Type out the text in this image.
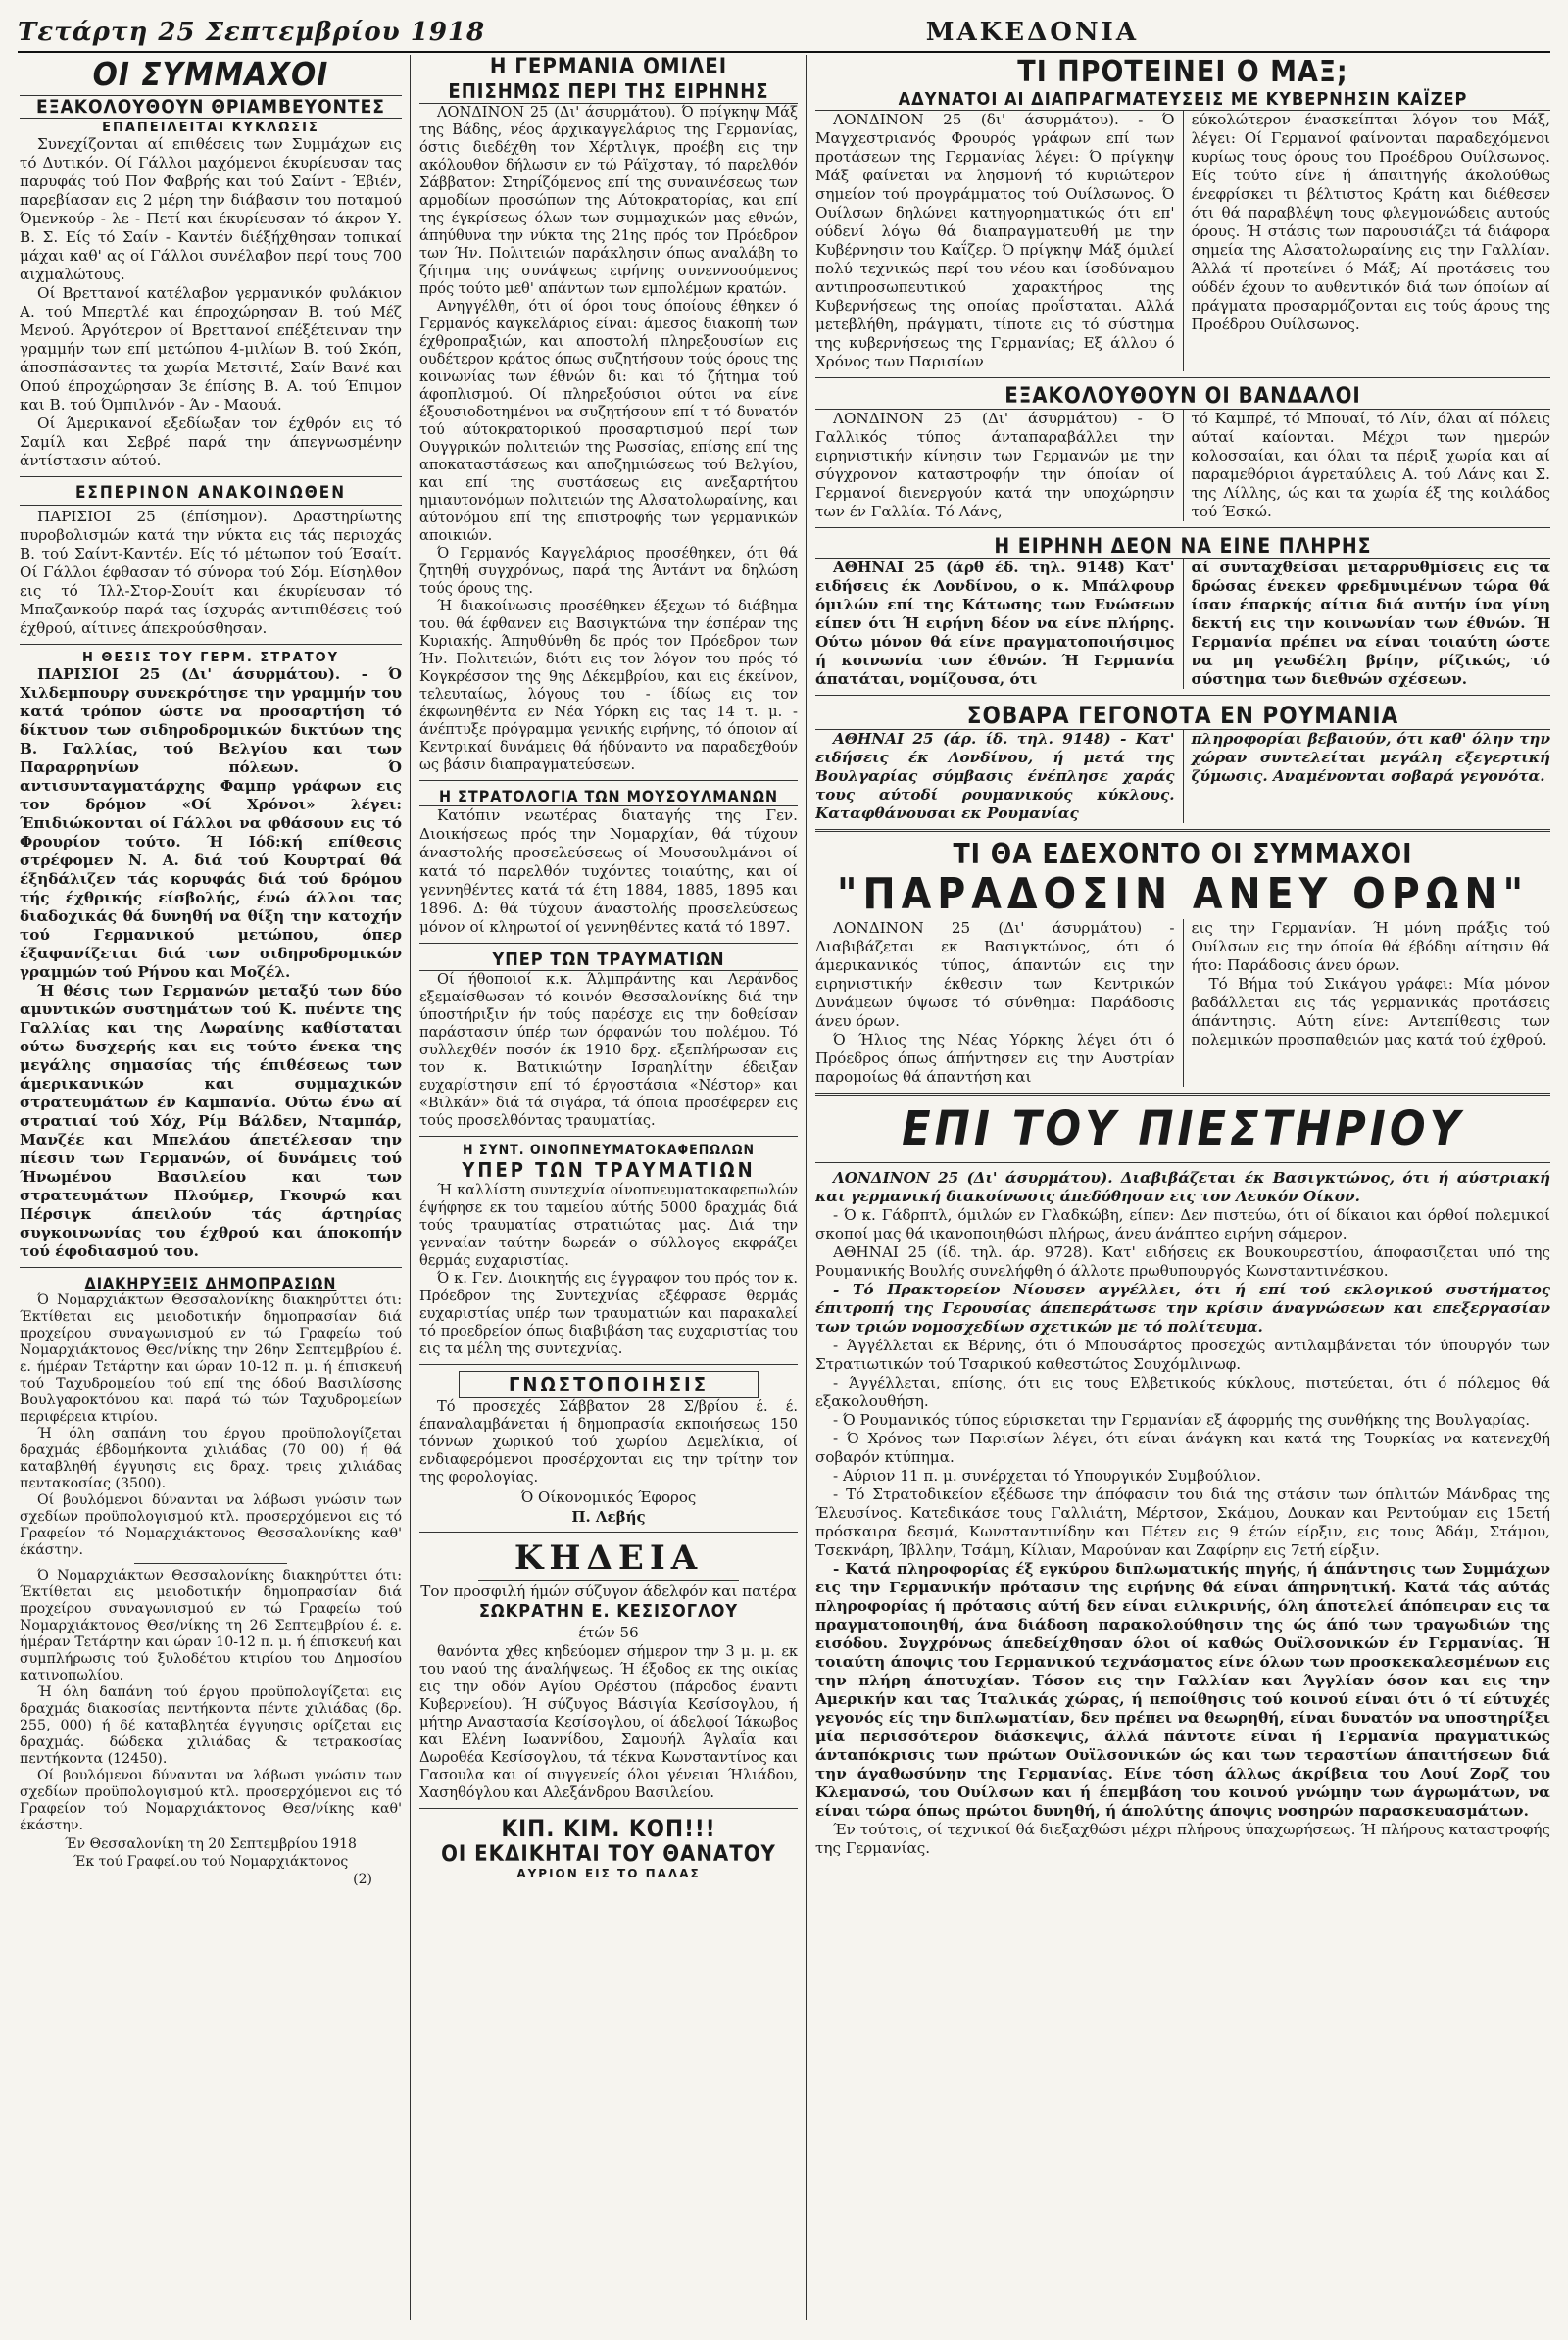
Τετάρτη 25 Σεπτεμβρίου 1918	ΜΑΚΕΔΟΝΙΑ
ΟΙ ΣΥΜΜΑΧΟΙ
ΕΞΑΚΟΛΟΥΘΟΥΝ ΘΡΙΑΜΒΕΥΟΝΤΕΣ
ΕΠΑΠΕΙΛΕΙΤΑΙ ΚΥΚΛΩΣΙΣ

Συνεχίζονται αί επιθέσεις των Συμμάχων εις τό Δυτικόν. Οί Γάλλοι μαχόμενοι έκυρίευσαν τας παρυφάς τού Πον Φαβρής και τού Σαίντ - Έβιέν, παρεβίασαν εις 2 μέρη την διάβασιν του ποταμού Όμενκούρ - λε - Πετί και έκυρίευσαν τό άκρον Υ. Β. Σ. Είς τό Σαίν - Καντέν διέξήχθησαν τοπικαί μάχαι καθ' ας οί Γάλλοι συνέλαβον περί τους 700 αιχμαλώτους.

Οί Βρεττανοί κατέλαβον γερμανικόν φυλάκιον Α. τού Μπερτλέ και έπροχώρησαν Β. τού Μέζ Μενού. Άργότερον οί Βρεττανοί επέξέτειναν την γραμμήν των επί μετώπου 4-μιλίων Β. τού Σκόπ, άποσπάσαντες τα χωρία Μετσιτέ, Σαίν Βανέ και Οπού έπροχώρησαν 3ε έπίσης Β. Α. τού Έπιμον και Β. τού Όμπιλνόν - Άν - Μαουά.

Οί Άμερικανοί εξεδίωξαν τον έχθρόν εις τό Σαμίλ και Σεβρέ παρά την άπεγνωσμένην άντίστασιν αύτού.

ΕΣΠΕΡΙΝΟΝ ΑΝΑΚΟΙΝΩΘΕΝ

ΠΑΡΙΣΙΟΙ 25 (έπίσημον). Δραστηρίωτης πυροβολισμών κατά την νύκτα εις τάς περιοχάς Β. τού Σαίντ-Καντέν. Είς τό μέτωπον τού Έσαίτ. Οί Γάλλοι έφθασαν τό σύνορα τού Σόμ. Είσηλθον εις τό Ίλλ-Στορ-Σουίτ και έκυρίευσαν τό Μπαζανκούρ παρά τας ίσχυράς αντιπιθέσεις τού έχθρού, αίτινες άπεκρούσθησαν.

Η ΘΕΣΙΣ ΤΟΥ ΓΕΡΜ. ΣΤΡΑΤΟΥ

ΠΑΡΙΣΙΟΙ 25 (Δι' άσυρμάτου). - Ό Χιλδεμπουργ συνεκρότησε την γραμμήν του κατά τρόπον ώστε να προσαρτήση τό δίκτυον των σιδηροδρομικών δικτύων της Β. Γαλλίας, τού Βελγίου και των Παραρρηνίων πόλεων. Ό αντισυνταγματάρχης Φαμπρ γράφων εις τον δρόμον «Οί Χρόνοι» λέγει: Έπιδιώκονται οί Γάλλοι να φθάσουν εις τό Φρουρίον τούτο. Ή Ιόδ:κή επίθεσις στρέφομεν Ν. Α. διά τού Κουρτραί θά έξηδάλιζεν τάς κορυφάς διά τού δρόμου τής έχθρικής είσβολής, ένώ άλλοι τας διαδοχικάς θά δυνηθή να θίξη την κατοχήν τού Γερμανικού μετώπου, όπερ έξαφανίζεται διά των σιδηροδρομικών γραμμών τού Ρήνου και Μοζέλ.

Ή θέσις των Γερμανών μεταξύ των δύο αμυντικών συστημάτων τού Κ. πυέντε της Γαλλίας και της Λωραίνης καθίσταται ούτω δυσχερής και εις τούτο ένεκα της μεγάλης σημασίας τής έπιθέσεως των άμερικανικών και συμμαχικών στρατευμάτων έν Καμπανία. Ούτω ένω αί στρατιαί τού Χόχ, Ρίμ Βάλδεν, Νταμπάρ, Μανζέε και Μπελάου άπετέλεσαν την πίεσιν των Γερμανών, οί δυνάμεις τού Ήνωμένου Βασιλείου και των στρατευμάτων Πλούμερ, Γκουρώ και Πέρσιγκ άπειλούν τάς άρτηρίας συγκοινωνίας του έχθρού και άποκοπήν τού έφοδιασμού του.

ΔΙΑΚΗΡΥΞΕΙΣ ΔΗΜΟΠΡΑΣΙΩΝ

Ό Νομαρχιάκτων Θεσσαλονίκης διακηρύττει ότι: Έκτίθεται εις μειοδοτικήν δημοπρασίαν διά προχείρου συναγωνισμού εν τώ Γραφείω τού Νομαρχιάκτονος Θεσ/νίκης την 26ην Σεπτεμβρίου έ. ε. ήμέραν Τετάρτην και ώραν 10-12 π. μ. ή έπισκευή τού Ταχυδρομείου τού επί της όδού Βασιλίσσης Βουλγαροκτόνου και παρά τώ τών Ταχυδρομείων περιφέρεια κτιρίου.

Ή όλη σαπάνη του έργου προϋπολογίζεται δραχμάς έβδομήκοντα χιλιάδας (70 00) ή θά καταβληθή έγγυησις εις δραχ. τρεις χιλιάδας πεντακοσίας (3500).

Οί βουλόμενοι δύνανται να λάβωσι γνώσιν των σχεδίων προϋπολογισμού κτλ. προσερχόμενοι εις τό Γραφείον τό Νομαρχιάκτονος Θεσσαλονίκης καθ' έκάστην.

Ό Νομαρχιάκτων Θεσσαλονίκης διακηρύττει ότι: Έκτίθεται εις μειοδοτικήν δημοπρασίαν διά προχείρου συναγωνισμού εν τώ Γραφείω τού Νομαρχιάκτονος Θεσ/νίκης τη 26 Σεπτεμβρίου έ. ε. ήμέραν Τετάρτην και ώραν 10-12 π. μ. ή έπισκευή και συμπλήρωσις τού ξυλοδέτου κτιρίου του Δημοσίου κατινοπωλίου.

Ή όλη δαπάνη τού έργου προϋπολογίζεται εις δραχμάς διακοσίας πεντήκοντα πέντε χιλιάδας (δρ. 255, 000) ή δέ καταβλητέα έγγυησις ορίζεται εις δραχμάς. δώδεκα χιλιάδας & τετρακοσίας πεντήκοντα (12450).

Οί βουλόμενοι δύνανται να λάβωσι γνώσιν των σχεδίων προϋπολογισμού κτλ. προσερχόμενοι εις τό Γραφείον τού Νομαρχιάκτονος Θεσ/νίκης καθ' έκάστην.

Έν Θεσσαλονίκη τη 20 Σεπτεμβρίου 1918
Έκ τού Γραφεί.ου τού Νομαρχιάκτονος
(2)
Η ΓΕΡΜΑΝΙΑ ΟΜΙΛΕΙ
ΕΠΙΣΗΜΩΣ ΠΕΡΙ ΤΗΣ ΕΙΡΗΝΗΣ

ΛΟΝΔΙΝΟΝ 25 (Δι' άσυρμάτου). Ό πρίγκηψ Μάξ της Βάδης, νέος άρχικαγγελάριος της Γερμανίας, όστις διεδέχθη τον Χέρτλιγκ, προέβη εις την ακόλουθον δήλωσιν εν τώ Ράϊχσταγ, τό παρελθόν Σάββατον: Στηρίζόμενος επί της συναινέσεως των αρμοδίων προσώπων της Αύτοκρατορίας, και επί της έγκρίσεως όλων των συμμαχικών μας εθνών, άπηύθυνα την νύκτα της 21ης πρός τον Πρόεδρον των Ήν. Πολιτειών παράκλησιν όπως αναλάβη το ζήτημα της συνάψεως ειρήνης συνεννοούμενος πρός τούτο μεθ' απάντων των εμπολέμων κρατών.

Ανηγγέλθη, ότι οί όροι τους όποίους έθηκεν ό Γερμανός καγκελάριος είναι: άμεσος διακοπή των έχθροπραξιών, και αποστολή πληρεξουσίων εις ουδέτερον κράτος όπως συζητήσουν τούς όρους της κοινωνίας των έθνών δι: και τό ζήτημα τού άφοπλισμού. Οί πληρεξούσιοι ούτοι να είνε έξουσιοδοτημένοι να συζητήσουν επί τ τό δυνατόν τού αύτοκρατορικού προσαρτισμού περί των Ουγγρικών πολιτειών της Ρωσσίας, επίσης επί της αποκαταστάσεως και αποζημιώσεως τού Βελγίου, και επί της συστάσεως εις ανεξαρτήτου ημιαυτονόμων πολιτειών της Αλσατολωραίνης, και αύτονόμου επί της επιστροφής των γερμανικών αποικιών.

Ό Γερμανός Καγγελάριος προσέθηκεν, ότι θά ζητηθή συγχρόνως, παρά της Άντάντ να δηλώση τούς όρους της.

Ή διακοίνωσις προσέθηκεν έξεχων τό διάβημα του. θά έφθανεν εις Βασιγκτώνα την έσπέραν της Κυριακής. Άπηυθύνθη δε πρός τον Πρόεδρον των Ήν. Πολιτειών, διότι εις τον λόγον του πρός τό Κογκρέσσον της 9ης Δέκεμβρίου, και εις έκείνον, τελευταίως, λόγους του - ίδίως εις τον έκφωνηθέντα εν Νέα Υόρκη εις τας 14 τ. μ. - άνέπτυξε πρόγραμμα γενικής ειρήνης, τό όποιον αί Κεντρικαί δυνάμεις θά ήδύναντο να παραδεχθούν ως βάσιν διαπραγματεύσεων.

Η ΣΤΡΑΤΟΛΟΓΙΑ ΤΩΝ ΜΟΥΣΟΥΛΜΑΝΩΝ

Κατόπιν νεωτέρας διαταγής της Γεν. Διοικήσεως πρός την Νομαρχίαν, θά τύχουν άναστολής προσελεύσεως οί Μουσουλμάνοι οί κατά τό παρελθόν τυχόντες τοιαύτης, και οί γεννηθέντες κατά τά έτη 1884, 1885, 1895 και 1896. Δ: θά τύχουν άναστολής προσελεύσεως μόνον οί κληρωτοί οί γεννηθέντες κατά τό 1897.

ΥΠΕΡ ΤΩΝ ΤΡΑΥΜΑΤΙΩΝ

Οί ήθοποιοί κ.κ. Άλμπράντης και Λεράνδος εξεμαίσθωσαν τό κοινόν Θεσσαλονίκης διά την ύποστήριξιν ήν τούς παρέσχε εις την δοθείσαν παράστασιν ύπέρ των όρφανών του πολέμου. Τό συλλεχθέν ποσόν έκ 1910 δρχ. εξεπλήρωσαν εις τον κ. Βατικιώτην Ισραηλίτην έδειξαν ευχαρίστησιν επί τό έργοστάσια «Νέστορ» και «Βιλκάν» διά τά σιγάρα, τά όποια προσέφερεν εις τούς προσελθόντας τραυματίας.

Η ΣΥΝΤ. ΟΙΝΟΠΝΕΥΜΑΤΟΚΑΦΕΠΩΛΩΝ
ΥΠΕΡ ΤΩΝ ΤΡΑΥΜΑΤΙΩΝ

Ή καλλίστη συντεχνία οίνοπνευματοκαφεπωλών έψήφησε εκ του ταμείου αύτής 5000 δραχμάς διά τούς τραυματίας στρατιώτας μας. Διά την γενναίαν ταύτην δωρεάν ο σύλλογος εκφράζει θερμάς ευχαριστίας.

Ό κ. Γεν. Διοικητής εις έγγραφον του πρός τον κ. Πρόεδρον της Συντεχνίας εξέφρασε θερμάς ευχαριστίας υπέρ των τραυματιών και παρακαλεί τό προεδρείον όπως διαβιβάση τας ευχαριστίας του εις τα μέλη της συντεχνίας.

ΓΝΩΣΤΟΠΟΙΗΣΙΣ

Τό προσεχές Σάββατον 28 Σ/βρίου έ. έ. έπαναλαμβάνεται ή δημοπρασία εκποιήσεως 150 τόννων χωρικού τού χωρίου Δεμελίκια, οί ενδιαφερόμενοι προσέρχονται εις την τρίτην τον της φορολογίας.

Ό Οίκονομικός Έφορος
Π. Λεβής
ΚΗΔΕΙΑ

Τον προσφιλή ήμών σύζυγον άδελφόν και πατέρα

ΣΩΚΡΑΤΗΝ Ε. ΚΕΣΙΣΟΓΛΟΥ
έτών 56

θανόντα χθες κηδεύομεν σήμερον την 3 μ. μ. εκ του ναού της άναλήψεως. Ή έξοδος εκ της οικίας εις την οδόν Αγίου Ορέστου (πάροδος έναντι Κυβερνείου). Ή σύζυγος Βάσιγία Κεσίσογλου, ή μήτηρ Αναστασία Κεσίσογλου, οί άδελφοί Ίάκωβος και Ελένη Ιωαννίδου, Σαμουήλ Άγλαΐα και Δωροθέα Κεσίσογλου, τά τέκνα Κωνσταντίνος και Γασουλα και οί συγγενείς όλοι γένειαι Ήλιάδου, Χασηθόγλου και Αλεξάνδρου Βασιλείου.

ΚΙΠ. ΚΙΜ. ΚΟΠ!!!
ΟΙ ΕΚΔΙΚΗΤΑΙ ΤΟΥ ΘΑΝΑΤΟΥ
ΑΥΡΙΟΝ ΕΙΣ ΤΟ ΠΑΛΑΣ
ΤΙ ΠΡΟΤΕΙΝΕΙ Ο ΜΑΞ;
ΑΔΥΝΑΤΟΙ ΑΙ ΔΙΑΠΡΑΓΜΑΤΕΥΣΕΙΣ ΜΕ ΚΥΒΕΡΝΗΣΙΝ ΚΑΪΖΕΡ

ΛΟΝΔΙΝΟΝ 25 (δι' άσυρμάτου). - Ό Μαγχεστριανός Φρουρός γράφων επί των προτάσεων της Γερμανίας λέγει: Ό πρίγκηψ Μάξ φαίνεται να λησμονή τό κυριώτερον σημείον τού προγράμματος τού Ουίλσωνος. Ό Ουίλσων δηλώνει κατηγορηματικώς ότι επ' ούδενί λόγω θά διαπραγματευθή με την Κυβέρνησιν του Καΐζερ. Ό πρίγκηψ Μάξ όμιλεί πολύ τεχνικώς περί του νέου και ίσοδύναμου αντιπροσωπευτικού χαρακτήρος της Κυβερνήσεως της οποίας πρoΐσταται. Αλλά μετεβλήθη, πράγματι, τίποτε εις τό σύστημα της κυβερνήσεως της Γερμανίας; Εξ άλλου ό Χρόνος των Παρισίων

εύκολώτερον ένασκείπται λόγον του Μάξ, λέγει: Οί Γερμανοί φαίνονται παραδεχόμενοι κυρίως τους όρους του Προέδρου Ουίλσωνος. Είς τούτο είνε ή άπαιτηγής άκολούθως ένεφρίσκει τι βέλτιστος Κράτη και διέθεσεν ότι θά παραβλέψη τους φλεγμονώδεις αυτούς όρους. Ή στάσις των παρουσιάζει τά διάφορα σημεία της Αλσατολωραίνης εις την Γαλλίαν. Άλλά τί προτείνει ό Μάξ; Αί προτάσεις του ούδέν έχουν το αυθεντικόν διά των όποίων αί πράγματα προσαρμόζονται εις τούς άρους της Προέδρου Ουίλσωνος.

ΕΞΑΚΟΛΟΥΘΟΥΝ ΟΙ ΒΑΝΔΑΛΟΙ

ΛΟΝΔΙΝΟΝ 25 (Δι' άσυρμάτου) - Ό Γαλλικός τύπος άνταπαραβάλλει την ειρηνιστικήν κίνησιν των Γερμανών με την σύγχρονον καταστροφήν την όποίαν οί Γερμανοί διενεργούν κατά την υποχώρησιν των έν Γαλλία. Τό Λάνς,

τό Καμπρέ, τό Μπουαί, τό Λίν, όλαι αί πόλεις αύταί καίονται. Μέχρι των ημερών κολοσσαίαι, και όλαι τα πέριξ χωρία και αί παραμεθόριοι άγρεταύλεις Α. τού Λάνς και Σ. της Λίλλης, ώς και τα χωρία έξ της κοιλάδος τού Έσκώ.

Η ΕΙΡΗΝΗ ΔΕΟΝ ΝΑ ΕΙΝΕ ΠΛΗΡΗΣ

ΑΘΗΝΑΙ 25 (άρθ έδ. τηλ. 9148) Κατ' ειδήσεις έκ Λονδίνου, ο κ. Μπάλφουρ όμιλών επί της Κάτωσης των Ενώσεων είπεν ότι Ή ειρήνη δέον να είνε πλήρης. Ούτω μόνον θά είνε πραγματοποιήσιμος ή κοινωνία των έθνών. Ή Γερμανία άπατάται, νομίζουσα, ότι

αί συνταχθείσαι μεταρρυθμίσεις εις τα δρώσας ένεκεν φρεδμυιμένων τώρα θά ίσαν έπαρκής αίτια διά αυτήν ίνα γίνη δεκτή εις την κοινωνίαν των έθνών. Ή Γερμανία πρέπει να είναι τοιαύτη ώστε να μη γεωδέλη βρίην, ρίζικώς, τό σύστημα των διεθνών σχέσεων.

ΣΟΒΑΡΑ ΓΕΓΟΝΟΤΑ ΕΝ ΡΟΥΜΑΝΙΑ

ΑΘΗΝΑΙ 25 (άρ. ίδ. τηλ. 9148) - Κατ' ειδήσεις έκ Λονδίνου, ή μετά της Βουλγαρίας σύμβασις ένέπλησε χαράς τους αύτοδί ρουμανικούς κύκλους. Καταφθάνουσαι εκ Ρουμανίας

πληροφορίαι βεβαιούν, ότι καθ' όλην την χώραν συντελείται μεγάλη εξεγερτική ζύμωσις. Αναμένονται σοβαρά γεγονότα.

ΤΙ ΘΑ ΕΔΕΧΟΝΤΟ ΟΙ ΣΥΜΜΑΧΟΙ
"ΠΑΡΑΔΟΣΙΝ ΑΝΕΥ ΟΡΩΝ"

ΛΟΝΔΙΝΟΝ 25 (Δι' άσυρμάτου) - Διαβιβάζεται εκ Βασιγκτώνος, ότι ό άμερικανικός τύπος, άπαντών εις την ειρηνιστικήν έκθεσιν των Κεντρικών Δυνάμεων ύψωσε τό σύνθημα: Παράδοσις άνευ όρων.

Ό Ήλιος της Νέας Υόρκης λέγει ότι ό Πρόεδρος όπως άπήντησεν εις την Αυστρίαν παρομοίως θά άπαντήση και

εις την Γερμανίαν. Ή μόνη πράξις τού Ουίλσων εις την όποία θά έβόδηι αίτησιν θά ήτο: Παράδοσις άνευ όρων.

Τό Βήμα τού Σικάγου γράφει: Μία μόνον βαδάλλεται εις τάς γερμανικάς προτάσεις άπάντησις. Αύτη είνε: Αντεπίθεσις των πολεμικών προσπαθειών μας κατά τού έχθρού.

ΕΠΙ ΤΟΥ ΠΙΕΣΤΗΡΙΟΥ

ΛΟΝΔΙΝΟΝ 25 (Δι' άσυρμάτου). Διαβιβάζεται έκ Βασιγκτώνος, ότι ή αύστριακή και γερμανική διακοίνωσις άπεδόθησαν εις τον Λευκόν Οίκον.

- Ό κ. Γάδρπτλ, όμιλών εν Γλαδκώβη, είπεν: Δεν πιστεύω, ότι οί δίκαιοι και όρθοί πολεμικοί σκοποί μας θά ικανοποιηθώσι πλήρως, άνευ άνάπτεο ειρήνη σάμερον.

ΑΘΗΝΑΙ 25 (ίδ. τηλ. άρ. 9728). Κατ' ειδήσεις εκ Βουκουρεστίου, άποφασιζεται υπό της Ρουμανικής Βουλής συνελήφθη ό άλλοτε πρωθυπουργός Κωνσταντινέσκου.

- Τό Πρακτορείον Νίουσεν αγγέλλει, ότι ή επί τού εκλογικού συστήματος έπιτροπή της Γερουσίας άπεπεράτωσε την κρίσιν άναγνώσεων και επεξεργασίαν των τριών νομοσχεδίων σχετικών με τό πολίτευμα.

- Άγγέλλεται εκ Βέρνης, ότι ό Μπουσάρτος προσεχώς αντιλαμβάνεται τόν ύπουργόν των Στρατιωτικών τού Τσαρικού καθεστώτος Σουχόμλινωφ.

- Άγγέλλεται, επίσης, ότι εις τους Ελβετικούς κύκλους, πιστεύεται, ότι ό πόλεμος θά εξακολουθήση.

- Ό Ρουμανικός τύπος εύρισκεται την Γερμανίαν εξ άφορμής της συνθήκης της Βουλγαρίας.

- Ό Χρόνος των Παρισίων λέγει, ότι είναι άνάγκη και κατά της Τουρκίας να κατενεχθή σοβαρόν κτύπημα.

- Αύριον 11 π. μ. συνέρχεται τό Υπουργικόν Συμβούλιον.

- Τό Στρατοδικείον εξέδωσε την άπόφασιν του διά της στάσιν των όπλιτών Μάνδρας της Έλευσίνος. Κατεδικάσε τους Γαλλιάτη, Μέρτσον, Σκάμου, Δουκαν και Ρεντούμαν εις 15ετή πρόσκαιρα δεσμά, Κωνσταντινίδην και Πέτεν εις 9 έτών είρξιν, εις τους Άδάμ, Στάμου, Τσεκνάρη, Ίβλλην, Τσάμη, Κίλιαν, Μαρούναν και Ζαφίρην εις 7ετή είρξιν.

- Κατά πληροφορίας έξ εγκύρου διπλωματικής πηγής, ή άπάντησις των Συμμάχων εις την Γερμανικήν πρότασιν της ειρήνης θά είναι άπηρνητική. Κατά τάς αύτάς πληροφορίας ή πρότασις αύτή δεν είναι ειλικρινής, όλη άποτελεί άπόπειραν εις τα πραγματοποιηθή, άνα διάδοση παρακολούθησιν της ώς άπό των τραγωδιών της εισόδου. Συγχρόνως άπεδείχθησαν όλοι οί καθώς Ουϊλσονικών έν Γερμανίας. Ή τοιαύτη άποψις του Γερμανικού τεχνάσματος είνε όλων των προσκεκαλεσμένων εις την πλήρη άποτυχίαν. Τόσον εις την Γαλλίαν και Άγγλίαν όσον και εις την Αμερικήν και τας Ίταλικάς χώρας, ή πεποίθησις τού κοινού είναι ότι ό τί εύτυχές γεγονός είς την διπλωματίαν, δεν πρέπει να θεωρηθή, είναι δυνατόν να υποστηρίξει μία περισσότερον διάσκεψις, άλλά πάντοτε είναι ή Γερμανία πραγματικώς άνταπόκρισις των πρώτων Ουϊλσονικών ώς και των τεραστίων άπαιτήσεων διά την άγαθωσύνην της Γερμανίας. Είνε τόση άλλως άκρίβεια του Λουί Ζορζ του Κλεμανσώ, του Ουίλσων και ή έπεμβάση του κοινού γνώμην των άγρωμάτων, να είναι τώρα όπως πρώτοι δυνηθή, ή άπολύτης άποψις νοσηρών παρασκευασμάτων.

Έν τούτοις, οί τεχνικοί θά διεξαχθώσι μέχρι πλήρους ύπαχωρήσεως. Ή πλήρους καταστροφής της Γερμανίας.
